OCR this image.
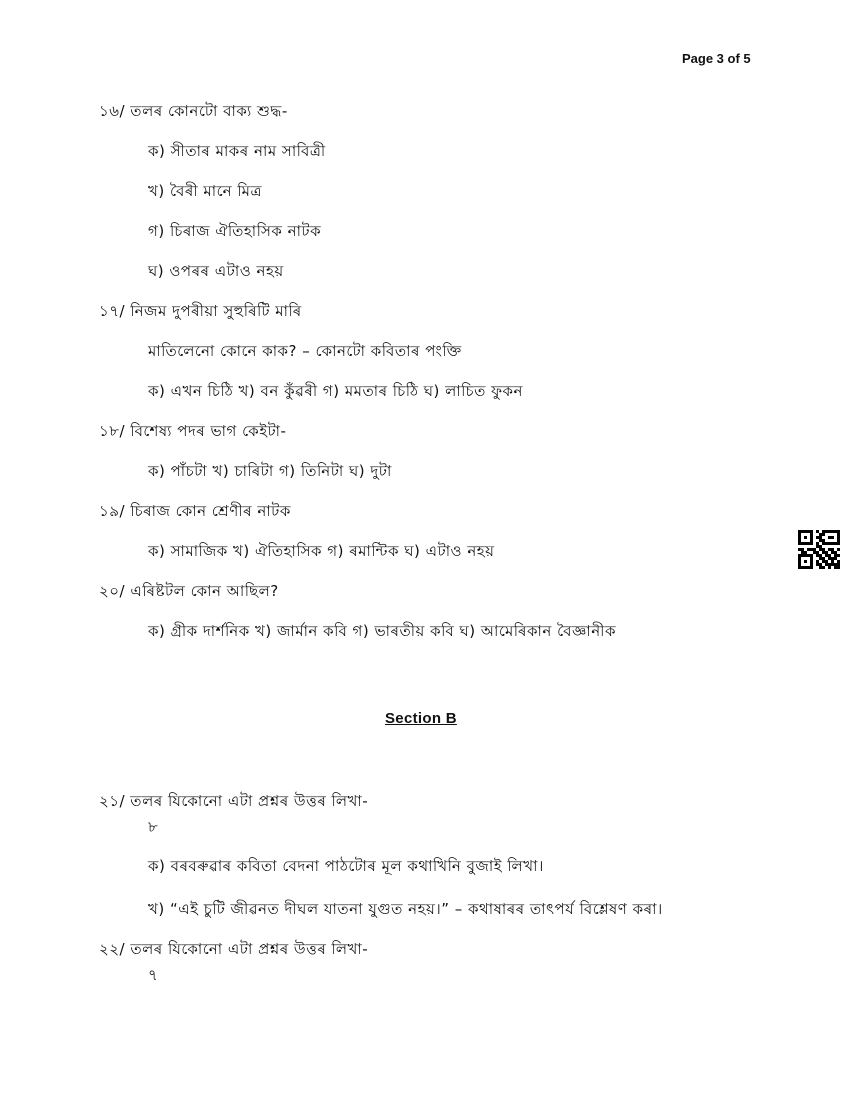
Page 3 of 5
১৬/ তলৰ কোনটো বাক্য শুদ্ধ-
ক) সীতাৰ মাকৰ নাম সাবিত্ৰী
খ) বৈৰী মানে মিত্ৰ
গ) চিৰাজ ঐতিহাসিক নাটক
ঘ) ওপৰৰ এটাও নহয়
১৭/ নিজম দুপৰীয়া সুহুৰিটি মাৰি
মাতিলেনো কোনে কাক? – কোনটো কবিতাৰ পংক্তি
ক) এখন চিঠি খ) বন কুঁৱৰী গ) মমতাৰ চিঠি ঘ) লাচিত ফুকন
১৮/ বিশেষ্য পদৰ ভাগ কেইটা-
ক) পাঁচটা খ) চাৰিটা গ) তিনিটা ঘ) দুটা
১৯/ চিৰাজ কোন শ্ৰেণীৰ নাটক
ক) সামাজিক খ) ঐতিহাসিক গ) ৰমান্টিক ঘ) এটাও নহয়
২০/ এৰিষ্টটল কোন আছিল?
ক) গ্ৰীক দাৰ্শনিক খ) জাৰ্মান কবি গ) ভাৰতীয় কবি ঘ) আমেৰিকান বৈজ্ঞানীক
Section B
২১/ তলৰ যিকোনো এটা প্ৰশ্নৰ উত্তৰ লিখা-
৮
ক) বৰবৰুৱাৰ কবিতা বেদনা পাঠটোৰ মূল কথাখিনি বুজাই লিখা।
খ) “এই চুটি জীৱনত দীঘল যাতনা যুগুত নহয়।” – কথাষাৰৰ তাৎপৰ্য বিশ্লেষণ কৰা।
২২/ তলৰ যিকোনো এটা প্ৰশ্নৰ উত্তৰ লিখা-
৭
